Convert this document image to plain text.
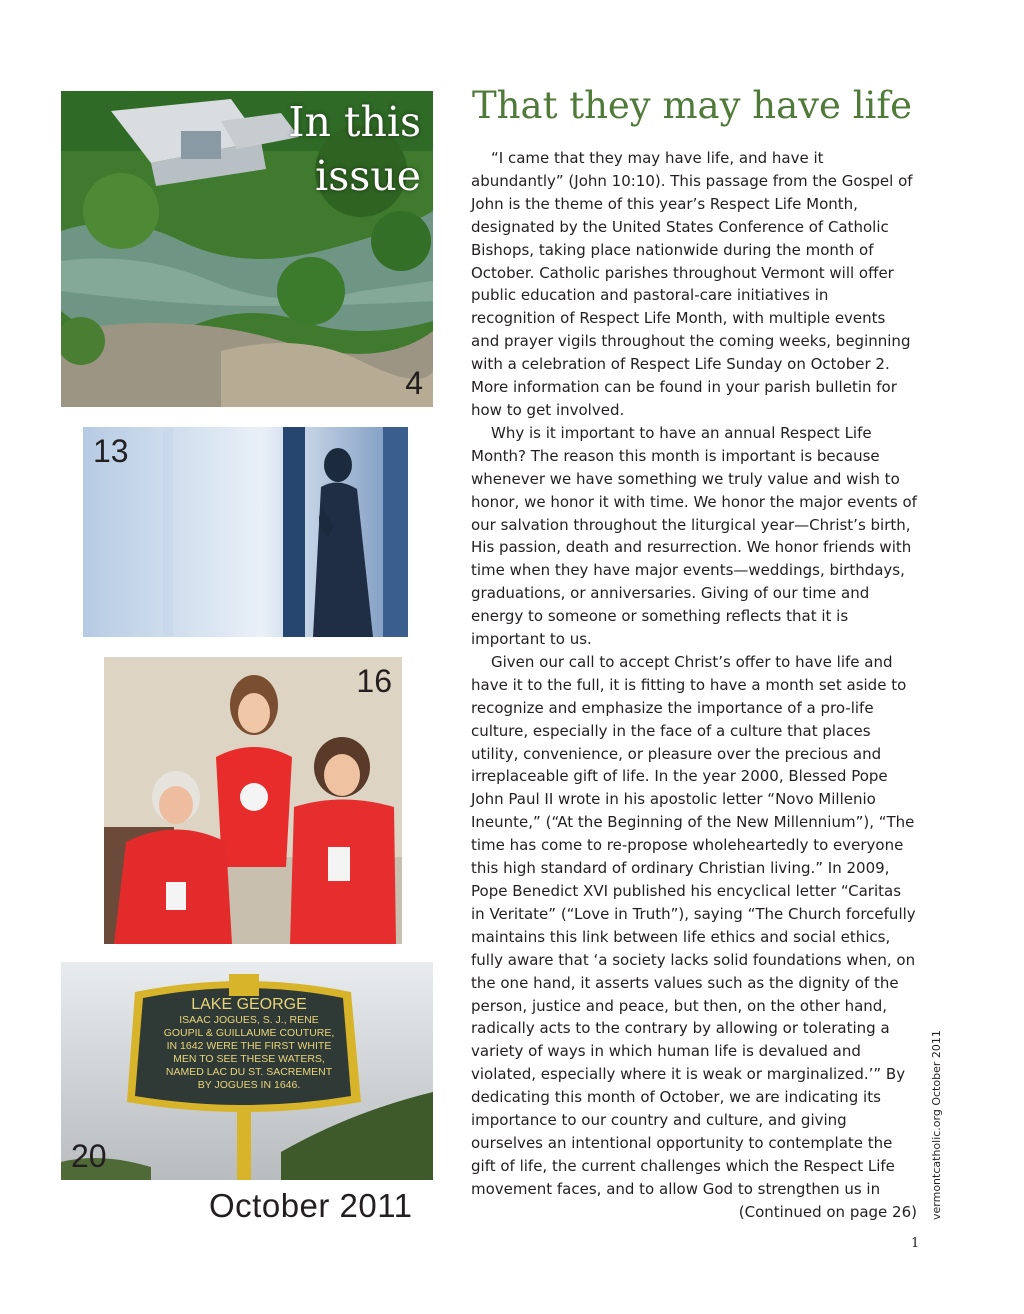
In this
issue
4
13
16
LAKE GEORGE
ISAAC JOGUES, S. J., RENE
GOUPIL & GUILLAUME COUTURE,
IN 1642 WERE THE FIRST WHITE
MEN TO SEE THESE WATERS,
NAMED LAC DU ST. SACREMENT
BY JOGUES IN 1646.
20
October 2011
That they may have life

“I came that they may have life, and have it abundantly” (John 10:10). This passage from the Gospel of John is the theme of this year’s Respect Life Month, designated by the United States Conference of Catholic Bishops, taking place nationwide during the month of October. Catholic parishes throughout Vermont will offer public education and pastoral-care initiatives in recognition of Respect Life Month, with multiple events and prayer vigils throughout the coming weeks, beginning with a celebration of Respect Life Sunday on October 2. More information can be found in your parish bulletin for how to get involved.

Why is it important to have an annual Respect Life Month? The reason this month is important is because whenever we have something we truly value and wish to honor, we honor it with time. We honor the major events of our salvation throughout the liturgical year—Christ’s birth, His passion, death and resurrection. We honor friends with time when they have major events—weddings, birthdays, graduations, or anniversaries. Giving of our time and energy to someone or something reflects that it is important to us.

Given our call to accept Christ’s offer to have life and have it to the full, it is fitting to have a month set aside to recognize and emphasize the importance of a pro-life culture, especially in the face of a culture that places utility, convenience, or pleasure over the precious and irreplaceable gift of life. In the year 2000, Blessed Pope John Paul II wrote in his apostolic letter “Novo Millenio Ineunte,” (“At the Beginning of the New Millennium”), “The time has come to re-propose wholeheartedly to everyone this high standard of ordinary Christian living.” In 2009, Pope Benedict XVI published his encyclical letter “Caritas in Veritate” (“Love in Truth”), saying “The Church forcefully maintains this link between life ethics and social ethics, fully aware that ‘a society lacks solid foundations when, on the one hand, it asserts values such as the dignity of the person, justice and peace, but then, on the other hand, radically acts to the contrary by allowing or tolerating a variety of ways in which human life is devalued and violated, especially where it is weak or marginalized.’” By dedicating this month of October, we are indicating its importance to our country and culture, and giving ourselves an intentional opportunity to contemplate the gift of life, the current challenges which the Respect Life movement faces, and to allow God to strengthen us in

(Continued on page 26) vermontcatholic.org October 2011
1
